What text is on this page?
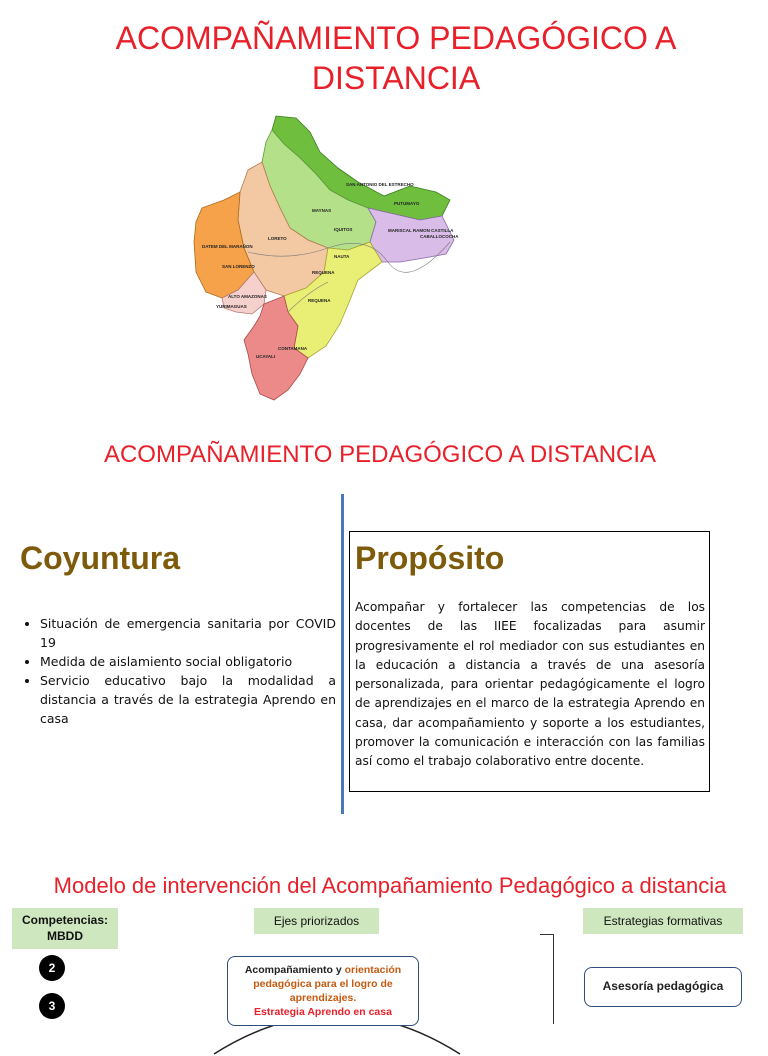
ACOMPAÑAMIENTO PEDAGÓGICO A DISTANCIA
SAN ANTONIO DEL ESTRECHO
PUTUMAYO
MAYNAS
IQUITOS	MARISCAL RAMON CASTILLA
CABALLOCOCHA
LORETO
NAUTA
DATEM DEL MARAÑON
SAN LORENZO
REQUENA
ALTO AMAZONAS
YURIMAGUAS
REQUENA
CONTAMANA
UCAYALI
ACOMPAÑAMIENTO PEDAGÓGICO A DISTANCIA
Coyuntura
• Situación de emergencia sanitaria por COVID 19
• Medida de aislamiento social obligatorio
• Servicio educativo bajo la modalidad a distancia a través de la estrategia Aprendo en casa
Propósito

Acompañar y fortalecer las competencias de los docentes de las IIEE focalizadas para asumir progresivamente el rol mediador con sus estudiantes en la educación a distancia a través de una asesoría personalizada, para orientar pedagógicamente el logro de aprendizajes en el marco de la estrategia Aprendo en casa, dar acompañamiento y soporte a los estudiantes, promover la comunicación e interacción con las familias así como el trabajo colaborativo entre docente.

Modelo de intervención del Acompañamiento Pedagógico a distancia
Competencias:
MBDD
Ejes priorizados	Estrategias formativas
2
3
Acompañamiento y orientación pedagógica para el logro de aprendizajes.
Estrategia Aprendo en casa
Asesoría pedagógica
